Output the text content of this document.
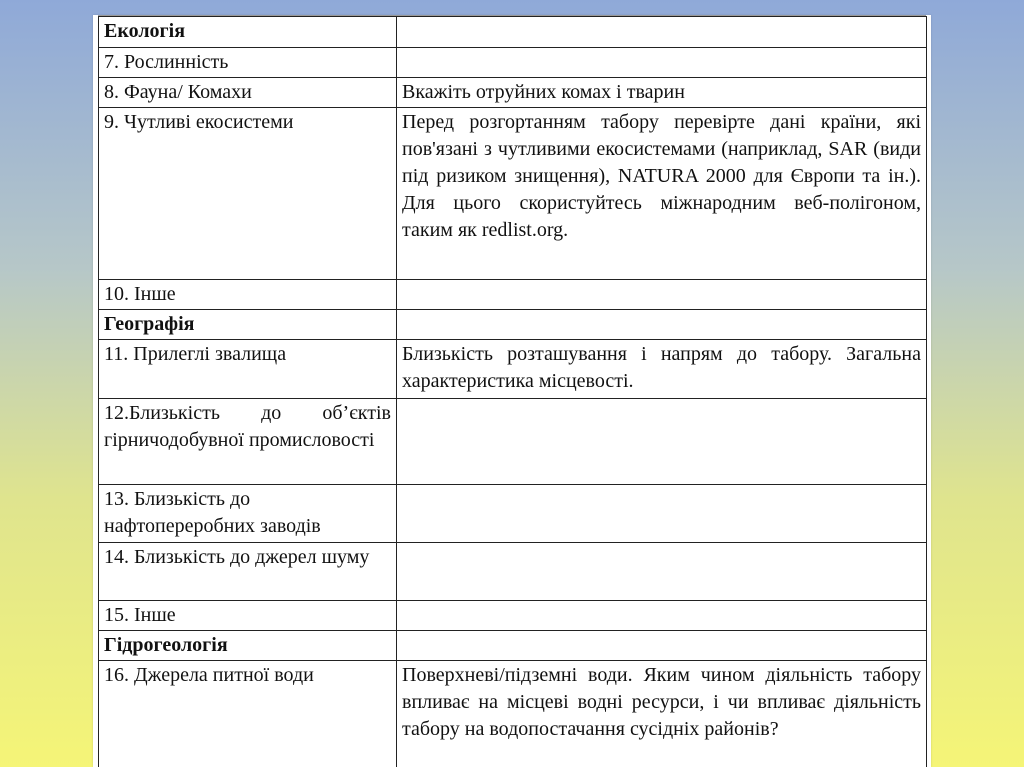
Екологія	
7. Рослинність	
8. Фауна/ Комахи	Вкажіть отруйних комах і тварин
9. Чутливі екосистеми	Перед розгортанням табору перевірте дані країни, які пов'язані з чутливими екосистемами (наприклад, SAR (види під ризиком знищення), NATURA 2000 для Європи та ін.). Для цього скористуйтесь міжнародним веб-полігоном, таким як redlist.org.
10. Інше	
Географія	
11. Прилеглі звалища	Близькість розташування і напрям до табору. Загальна характеристика місцевості.
12.Близькість до об’єктів гірничодобувної промисловості	
13. Близькість до нафтопереробних заводів	
14. Близькість до джерел шуму	
15. Інше	
Гідрогеологія	
16. Джерела питної води	Поверхневі/підземні води. Яким чином діяльність табору впливає на місцеві водні ресурси, і чи впливає діяльність табору на водопостачання сусідніх районів?
